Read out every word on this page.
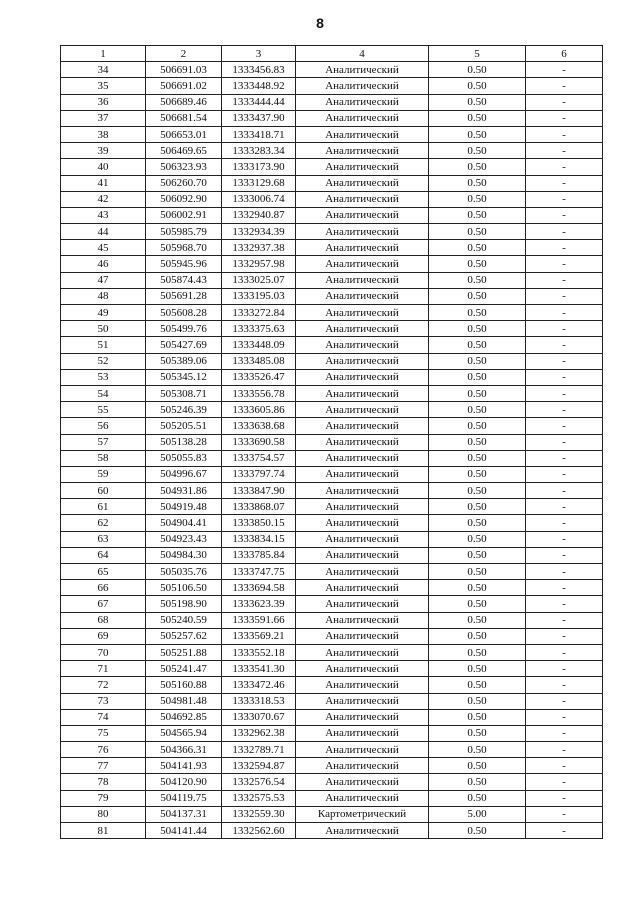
8
1	2	3	4	5	6
34	506691.03	1333456.83	Аналитический	0.50	-
35	506691.02	1333448.92	Аналитический	0.50	-
36	506689.46	1333444.44	Аналитический	0.50	-
37	506681.54	1333437.90	Аналитический	0.50	-
38	506653.01	1333418.71	Аналитический	0.50	-
39	506469.65	1333283.34	Аналитический	0.50	-
40	506323.93	1333173.90	Аналитический	0.50	-
41	506260.70	1333129.68	Аналитический	0.50	-
42	506092.90	1333006.74	Аналитический	0.50	-
43	506002.91	1332940.87	Аналитический	0.50	-
44	505985.79	1332934.39	Аналитический	0.50	-
45	505968.70	1332937.38	Аналитический	0.50	-
46	505945.96	1332957.98	Аналитический	0.50	-
47	505874.43	1333025.07	Аналитический	0.50	-
48	505691.28	1333195.03	Аналитический	0.50	-
49	505608.28	1333272.84	Аналитический	0.50	-
50	505499.76	1333375.63	Аналитический	0.50	-
51	505427.69	1333448.09	Аналитический	0.50	-
52	505389.06	1333485.08	Аналитический	0.50	-
53	505345.12	1333526.47	Аналитический	0.50	-
54	505308.71	1333556.78	Аналитический	0.50	-
55	505246.39	1333605.86	Аналитический	0.50	-
56	505205.51	1333638.68	Аналитический	0.50	-
57	505138.28	1333690.58	Аналитический	0.50	-
58	505055.83	1333754.57	Аналитический	0.50	-
59	504996.67	1333797.74	Аналитический	0.50	-
60	504931.86	1333847.90	Аналитический	0.50	-
61	504919.48	1333868.07	Аналитический	0.50	-
62	504904.41	1333850.15	Аналитический	0.50	-
63	504923.43	1333834.15	Аналитический	0.50	-
64	504984.30	1333785.84	Аналитический	0.50	-
65	505035.76	1333747.75	Аналитический	0.50	-
66	505106.50	1333694.58	Аналитический	0.50	-
67	505198.90	1333623.39	Аналитический	0.50	-
68	505240.59	1333591.66	Аналитический	0.50	-
69	505257.62	1333569.21	Аналитический	0.50	-
70	505251.88	1333552.18	Аналитический	0.50	-
71	505241.47	1333541.30	Аналитический	0.50	-
72	505160.88	1333472.46	Аналитический	0.50	-
73	504981.48	1333318.53	Аналитический	0.50	-
74	504692.85	1333070.67	Аналитический	0.50	-
75	504565.94	1332962.38	Аналитический	0.50	-
76	504366.31	1332789.71	Аналитический	0.50	-
77	504141.93	1332594.87	Аналитический	0.50	-
78	504120.90	1332576.54	Аналитический	0.50	-
79	504119.75	1332575.53	Аналитический	0.50	-
80	504137.31	1332559.30	Картометрический	5.00	-
81	504141.44	1332562.60	Аналитический	0.50	-
